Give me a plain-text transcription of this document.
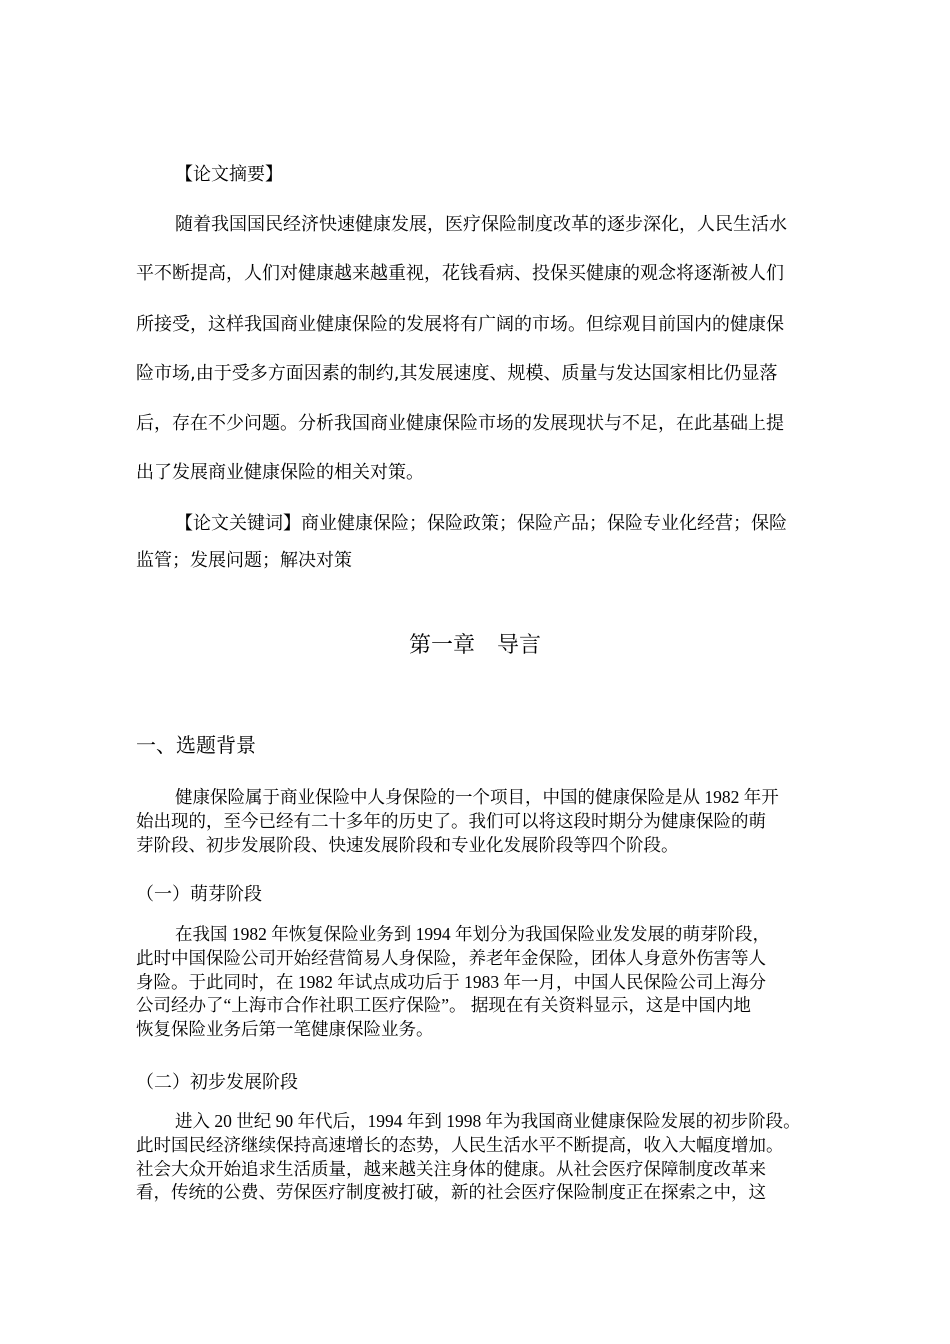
【论文摘要】
随着我国国民经济快速健康发展，医疗保险制度改革的逐步深化，人民生活水
平不断提高，人们对健康越来越重视，花钱看病、投保买健康的观念将逐渐被人们
所接受，这样我国商业健康保险的发展将有广阔的市场。但综观目前国内的健康保
险市场,由于受多方面因素的制约,其发展速度、规模、质量与发达国家相比仍显落
后，存在不少问题。分析我国商业健康保险市场的发展现状与不足，在此基础上提
出了发展商业健康保险的相关对策。
【论文关键词】商业健康保险；保险政策；保险产品；保险专业化经营；保险
监管；发展问题；解决对策
第一章　导言
一、选题背景
健康保险属于商业保险中人身保险的一个项目，中国的健康保险是从 1982 年开
始出现的，至今已经有二十多年的历史了。我们可以将这段时期分为健康保险的萌
芽阶段、初步发展阶段、快速发展阶段和专业化发展阶段等四个阶段。
（一）萌芽阶段
在我国 1982 年恢复保险业务到 1994 年划分为我国保险业发发展的萌芽阶段，
此时中国保险公司开始经营简易人身保险，养老年金保险，团体人身意外伤害等人
身险。于此同时，在 1982 年试点成功后于 1983 年一月，中国人民保险公司上海分
公司经办了“上海市合作社职工医疗保险”。 据现在有关资料显示，这是中国内地
恢复保险业务后第一笔健康保险业务。
（二）初步发展阶段
进入 20 世纪 90 年代后，1994 年到 1998 年为我国商业健康保险发展的初步阶段。
此时国民经济继续保持高速增长的态势，人民生活水平不断提高，收入大幅度增加。
社会大众开始追求生活质量，越来越关注身体的健康。从社会医疗保障制度改革来
看，传统的公费、劳保医疗制度被打破，新的社会医疗保险制度正在探索之中，这
